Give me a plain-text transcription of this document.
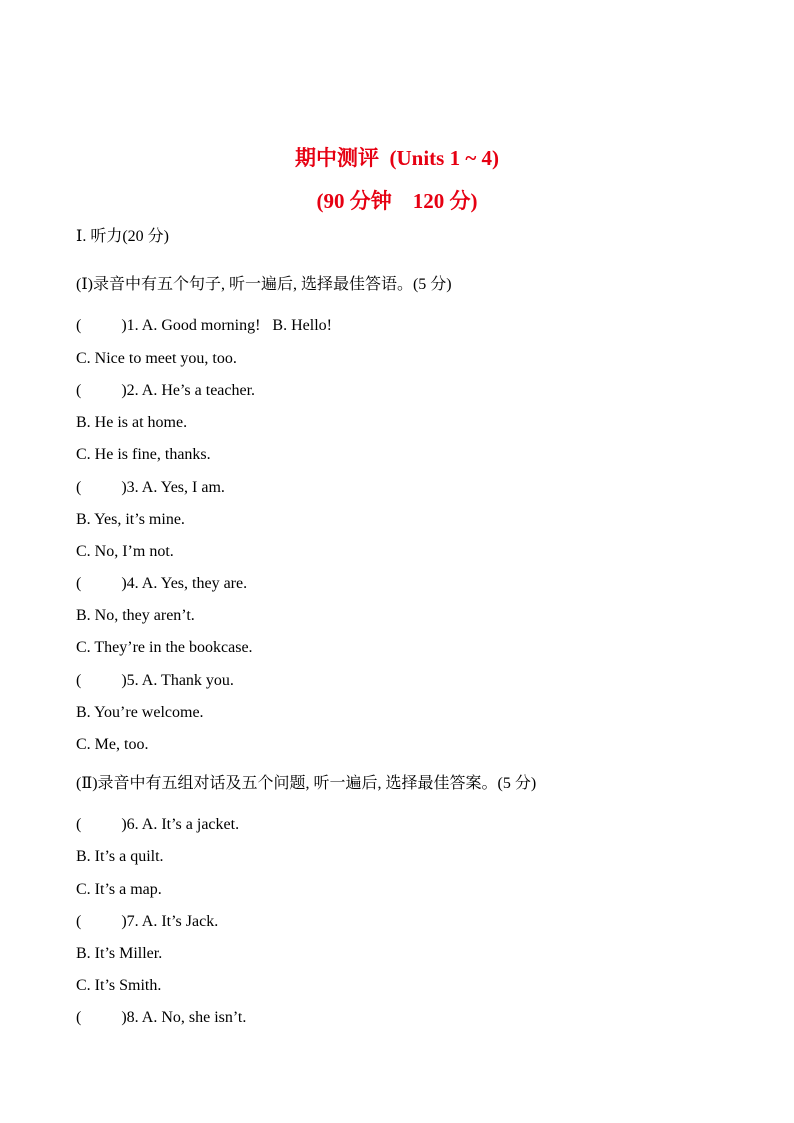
期中测评  (Units 1 ~ 4)
(90 分钟    120 分)
Ⅰ. 听力(20 分)
(Ⅰ)录音中有五个句子, 听一遍后, 选择最佳答语。(5 分)
(          )1. A. Good morning!   B. Hello!
C. Nice to meet you, too.
(          )2. A. He’s a teacher.
B. He is at home.
C. He is fine, thanks.
(          )3. A. Yes, I am.
B. Yes, it’s mine.
C. No, I’m not.
(          )4. A. Yes, they are.
B. No, they aren’t.
C. They’re in the bookcase.
(          )5. A. Thank you.
B. You’re welcome.
C. Me, too.
(Ⅱ)录音中有五组对话及五个问题, 听一遍后, 选择最佳答案。(5 分)
(          )6. A. It’s a jacket.
B. It’s a quilt.
C. It’s a map.
(          )7. A. It’s Jack.
B. It’s Miller.
C. It’s Smith.
(          )8. A. No, she isn’t.
